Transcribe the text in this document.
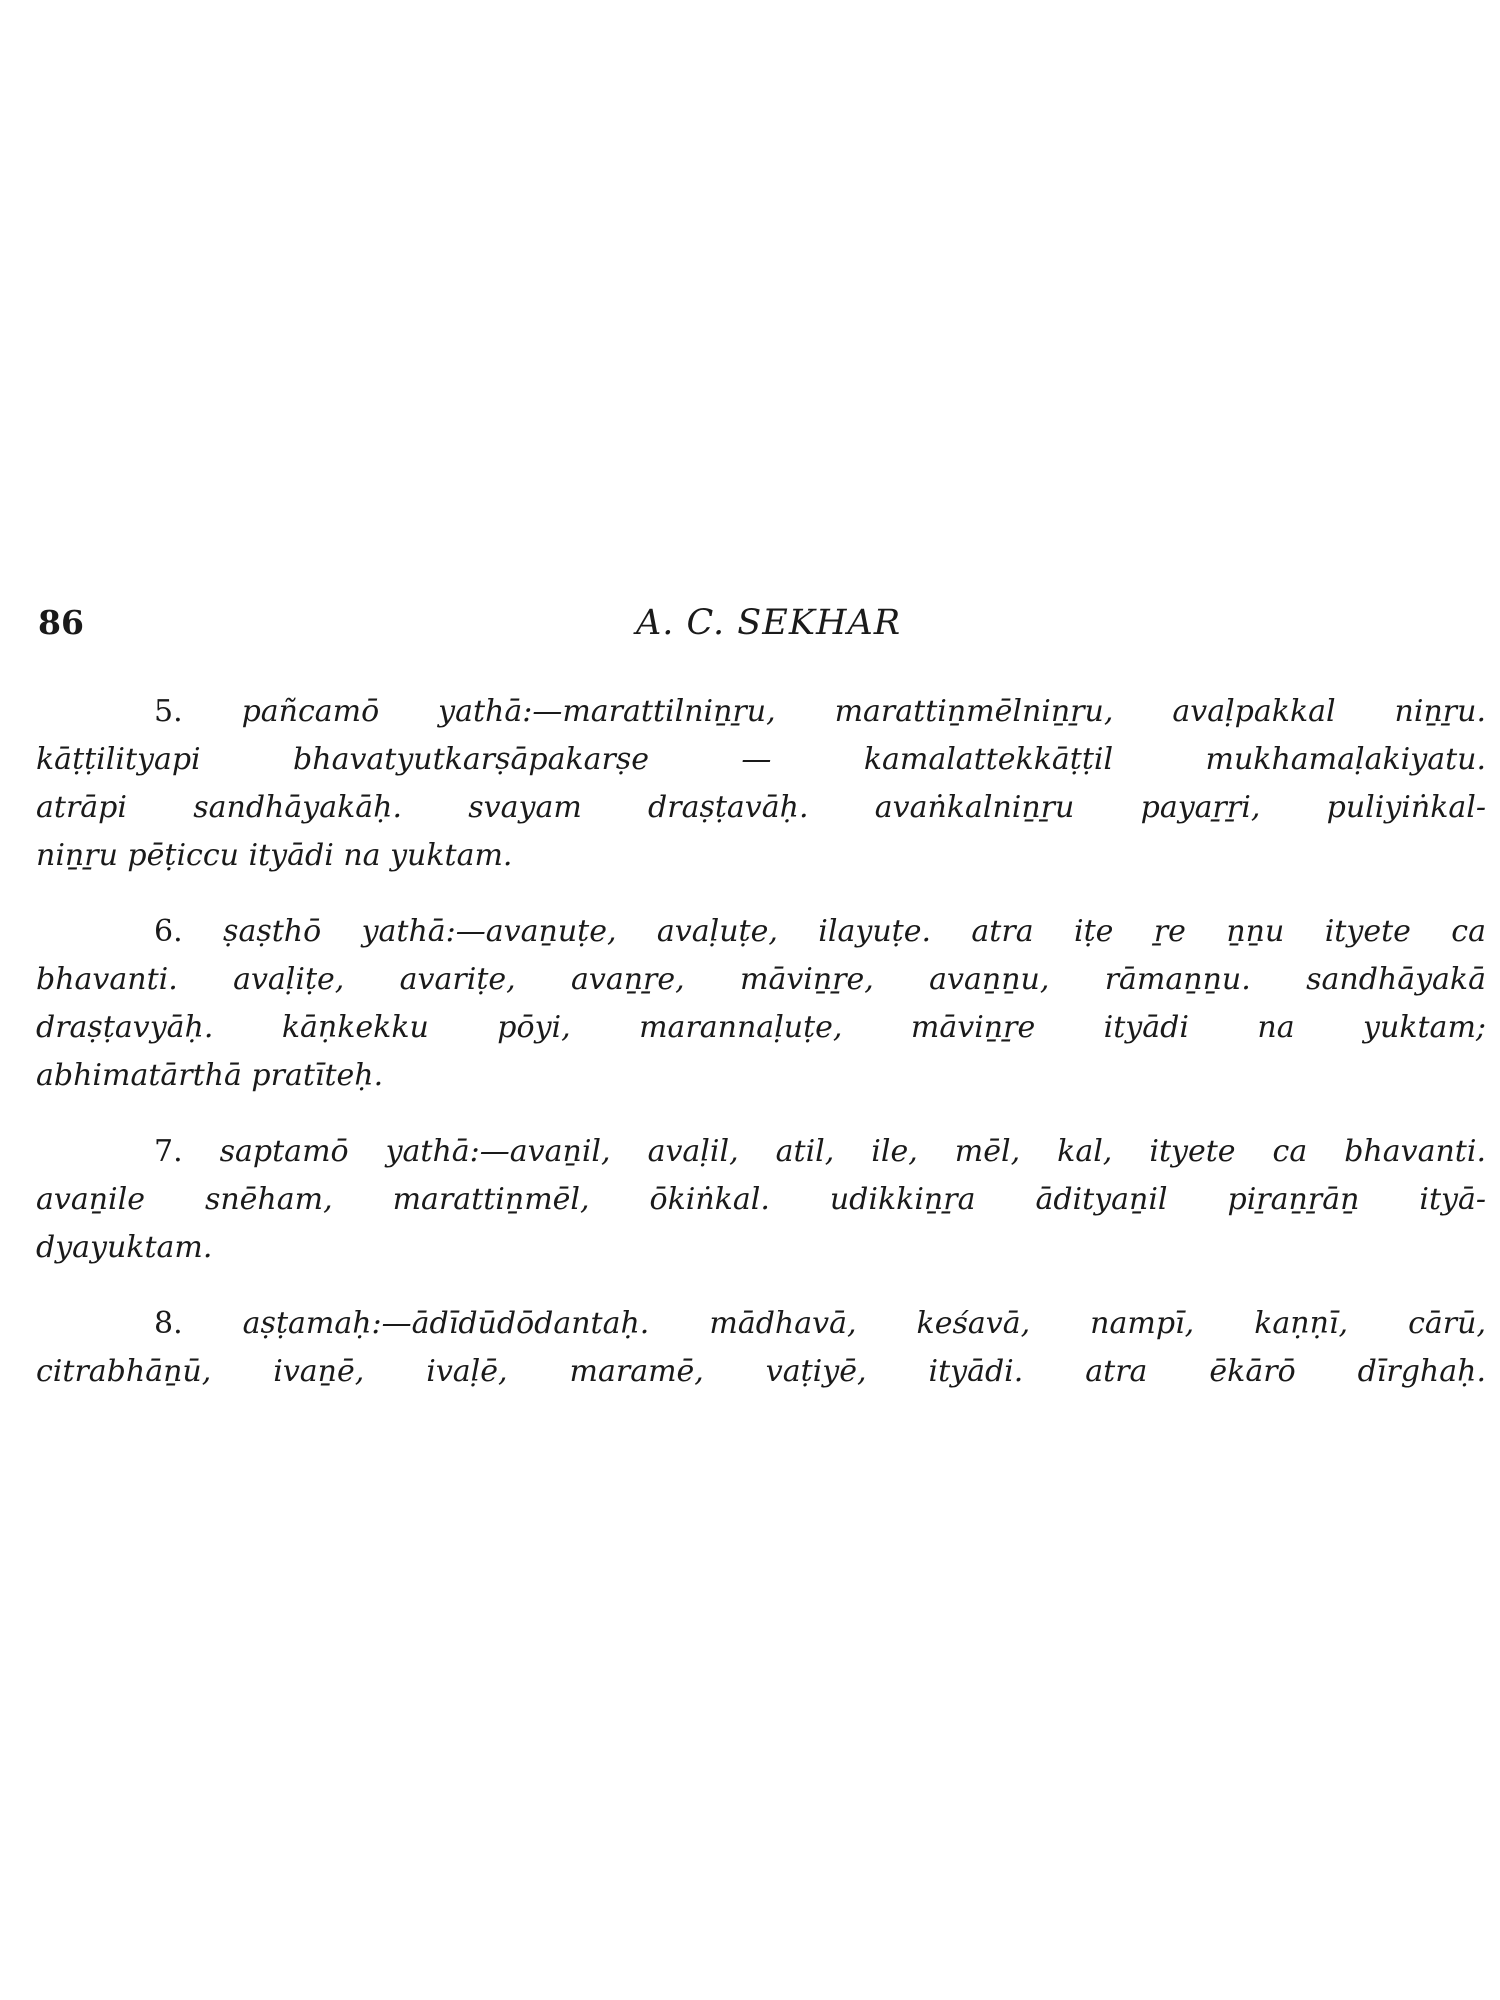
86	A. C. SEKHAR
5. pañcamō yathā:—marattilniṉṟu, marattiṉmēlniṉṟu, avaḷpakkal niṉṟu.
kāṭṭilityapi bhavatyutkarṣāpakarṣe — kamalattekkāṭṭil mukhamaḷakiyatu.
atrāpi sandhāyakāḥ. svayam draṣṭavāḥ. avaṅkalniṉṟu payaṟṟi, puliyiṅkal-
niṉṟu pēṭiccu ityādi na yuktam.
6. ṣaṣthō yathā:—avaṉuṭe, avaḷuṭe, ilayuṭe. atra iṭe ṟe ṉṉu ityete ca
bhavanti. avaḷiṭe, avariṭe, avaṉṟe, māviṉṟe, avaṉṉu, rāmaṉṉu. sandhāyakā
draṣṭavyāḥ. kāṇkekku pōyi, marannaḷuṭe, māviṉṟe ityādi na yuktam;
abhimatārthā pratīteḥ.
7. saptamō yathā:—avaṉil, avaḷil, atil, ile, mēl, kal, ityete ca bhavanti.
avaṉile snēham, marattiṉmēl, ōkiṅkal. udikkiṉṟa ādityaṉil piṟaṉṟāṉ ityā-
dyayuktam.
8. aṣṭamaḥ:—ādīdūdōdantaḥ. mādhavā, keśavā, nampī, kaṇṇī, cārū,
citrabhāṉū, ivaṉē, ivaḷē, maramē, vaṭiyē, ityādi. atra ēkārō dīrghaḥ.
